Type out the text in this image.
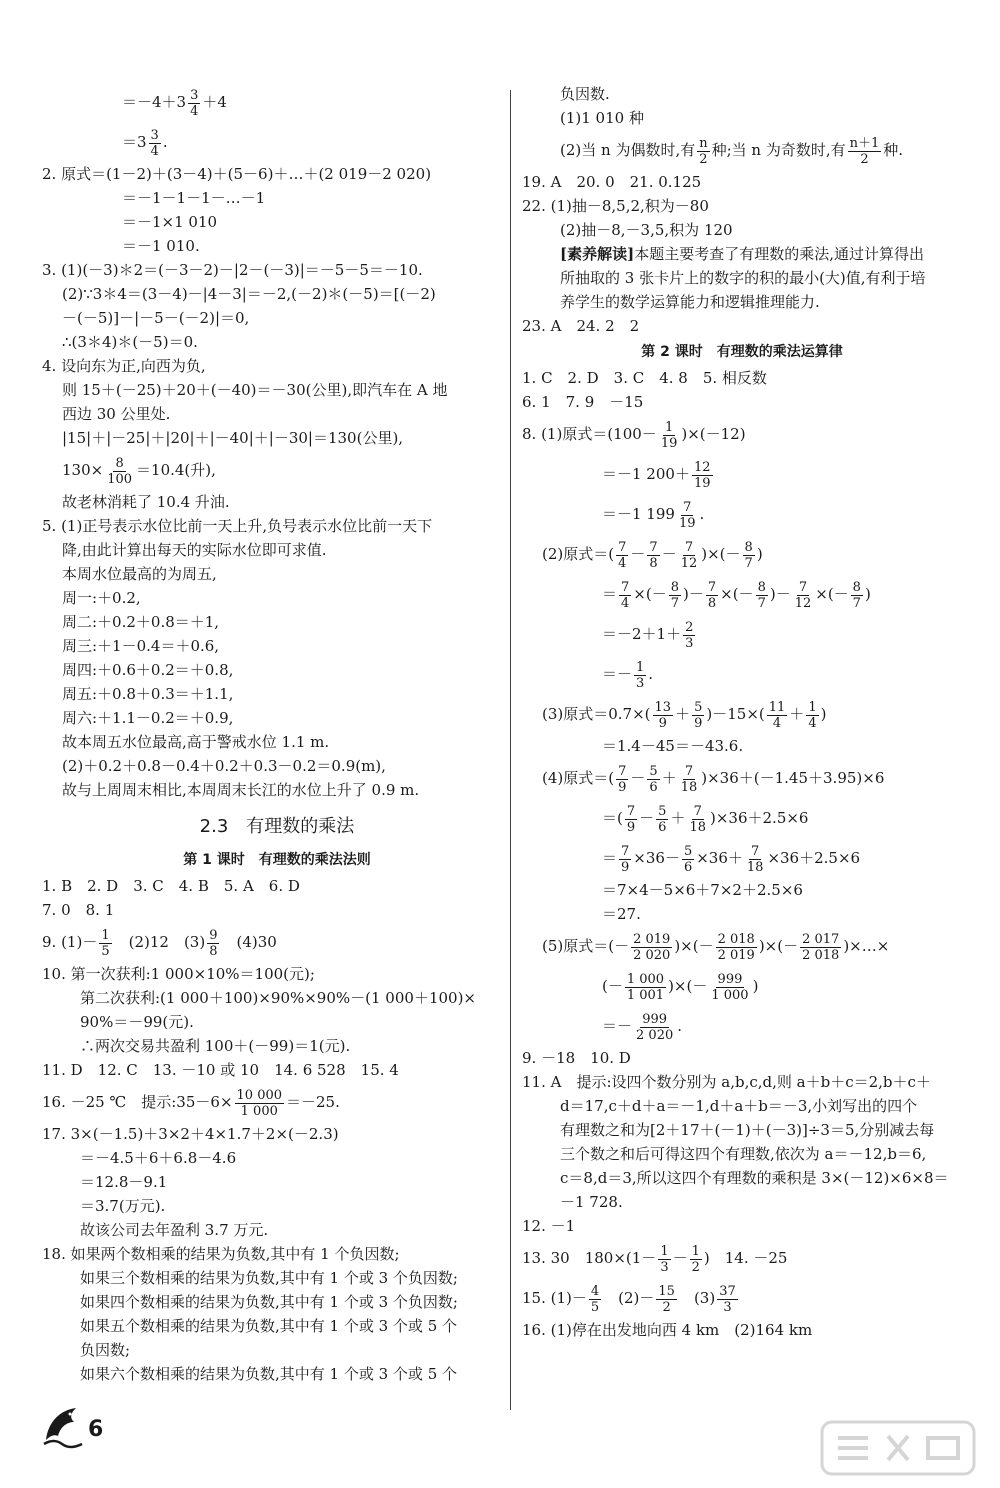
$=-4+3 \frac{3}{4} +4$
$=3 \frac{3}{4}$ .
2. 原式＝(1－2)＋(3－4)＋(5－6)＋…＋(2 019－2 020)
＝－1－1－1－…－1
＝－1×1 010
＝－1 010.
3. (1)(－3)＊2＝(－3－2)－|2－(－3)|＝－5－5＝－10.
(2)∵3＊4＝(3－4)－|4－3|＝－2,(－2)＊(－5)＝[(－2)
－(－5)]－|－5－(－2)|＝0,
∴(3＊4)＊(－5)＝0.
4. 设向东为正,向西为负,
则 15＋(－25)＋20＋(－40)＝－30(公里),即汽车在 A 地
西边 30 公里处.
|15|＋|－25|＋|20|＋|－40|＋|－30|＝130(公里),
$130\times \frac{8}{100} =10.4$(升),
故老林消耗了 10.4 升油.
5. (1)正号表示水位比前一天上升,负号表示水位比前一天下
降,由此计算出每天的实际水位即可求值.
本周水位最高的为周五,
周一:＋0.2,
周二:＋0.2＋0.8＝＋1,
周三:＋1－0.4＝＋0.6,
周四:＋0.6＋0.2＝＋0.8,
周五:＋0.8＋0.3＝＋1.1,
周六:＋1.1－0.2＝＋0.9,
故本周五水位最高,高于警戒水位 1.1 m.
(2)＋0.2＋0.8－0.4＋0.2＋0.3－0.2＝0.9(m),
故与上周周末相比,本周周末长江的水位上升了 0.9 m.
2.3　有理数的乘法
第 1 课时　有理数的乘法法则
1. B　2. D　3. C　4. B　5. A　6. D
7. 0　8. 1
9. $(1)- \frac{1}{5}$ 　(2)12　$(3) \frac{9}{8}$ 　(4)30
10. 第一次获利:1 000×10%＝100(元);
第二次获利:(1 000＋100)×90%×90%－(1 000＋100)×
90%＝－99(元).
∴两次交易共盈利 100＋(－99)＝1(元).
11. D　12. C　13. －10 或 10　14. 6 528　15. 4
16. －25 ℃　提示:35－6× $\frac{10 000}{1 000} =-25$.
17. 3×(－1.5)＋3×2＋4×1.7＋2×(－2.3)
＝－4.5＋6＋6.8－4.6
＝12.8－9.1
＝3.7(万元).
故该公司去年盈利 3.7 万元.
18. 如果两个数相乘的结果为负数,其中有 1 个负因数;
如果三个数相乘的结果为负数,其中有 1 个或 3 个负因数;
如果四个数相乘的结果为负数,其中有 1 个或 3 个负因数;
如果五个数相乘的结果为负数,其中有 1 个或 3 个或 5 个
负因数;
如果六个数相乘的结果为负数,其中有 1 个或 3 个或 5 个
负因数.
(1)1 010 种
(2)当 n 为偶数时,有 $\frac{n}{2}$ 种;当 n 为奇数时,有 $\frac{n+1}{2}$ 种.
19. A　20. 0　21. 0.125
22. (1)抽－8,5,2,积为－80
(2)抽－8,－3,5,积为 120
[素养解读]本题主要考查了有理数的乘法,通过计算得出
所抽取的 3 张卡片上的数字的积的最小(大)值,有利于培
养学生的数学运算能力和逻辑推理能力.
23. A　24. 2　2
第 2 课时　有理数的乘法运算律
1. C　2. D　3. C　4. 8　5. 相反数
6. 1　7. 9　－15
8. (1)原式$=(100- \frac{1}{19} )\times(-12)$
＝－1 $200+ \frac{12}{19}$
＝－1 $199 \frac{7}{19}$ .
(2)原式＝( $\frac{7}{4} - \frac{7}{8} - \frac{7}{12}$ )×(－ $\frac{8}{7}$ )
＝ $\frac{7}{4}$ ×(－ $\frac{8}{7}$ )－ $\frac{7}{8}$ ×(－ $\frac{8}{7}$ )－ $\frac{7}{12}$ ×(－ $\frac{8}{7}$ )
$=-2+1+ \frac{2}{3}$
＝－ $\frac{1}{3}$ .
(3)原式$=0.7\times( \frac{13}{9} + \frac{5}{9} )-15\times( \frac{11}{4} + \frac{1}{4}$ )
＝1.4－45＝－43.6.
(4)原式＝( $\frac{7}{9} - \frac{5}{6} + \frac{7}{18} )\times 36+(-1.45+3.95)\times 6$
＝( $\frac{7}{9} - \frac{5}{6} + \frac{7}{18} )\times 36+2.5\times 6$
＝ $\frac{7}{9} \times 36- \frac{5}{6} \times 36+ \frac{7}{18} \times 36+2.5\times 6$
＝7×4－5×6＋7×2＋2.5×6
＝27.
(5)原式＝(－ $\frac{2 019}{2 020}$ )×(－ $\frac{2 018}{2 019}$ )×(－ $\frac{2 017}{2 018}$ )×…×
(－ $\frac{1 000}{1 001}$ )×(－ $\frac{999}{1 000}$ )
＝－ $\frac{999}{2 020}$ .
9. －18　10. D
11. A　提示:设四个数分别为 a,b,c,d,则 a＋b＋c＝2,b＋c＋
d＝17,c＋d＋a＝－1,d＋a＋b＝－3,小刘写出的四个
有理数之和为[2＋17＋(－1)＋(－3)]÷3＝5,分别减去每
三个数之和后可得这四个有理数,依次为 a＝－12,b＝6,
c＝8,d＝3,所以这四个有理数的乘积是 3×(－12)×6×8＝
－1 728.
12. －1
13. 30　$180\times(1- \frac{1}{3} - \frac{1}{2}$ )　14. －25
15. $(1)- \frac{4}{5}$ 　$(2)- \frac{15}{2}$ 　$(3) \frac{37}{3}$
16. (1)停在出发地向西 4 km　(2)164 km
6
